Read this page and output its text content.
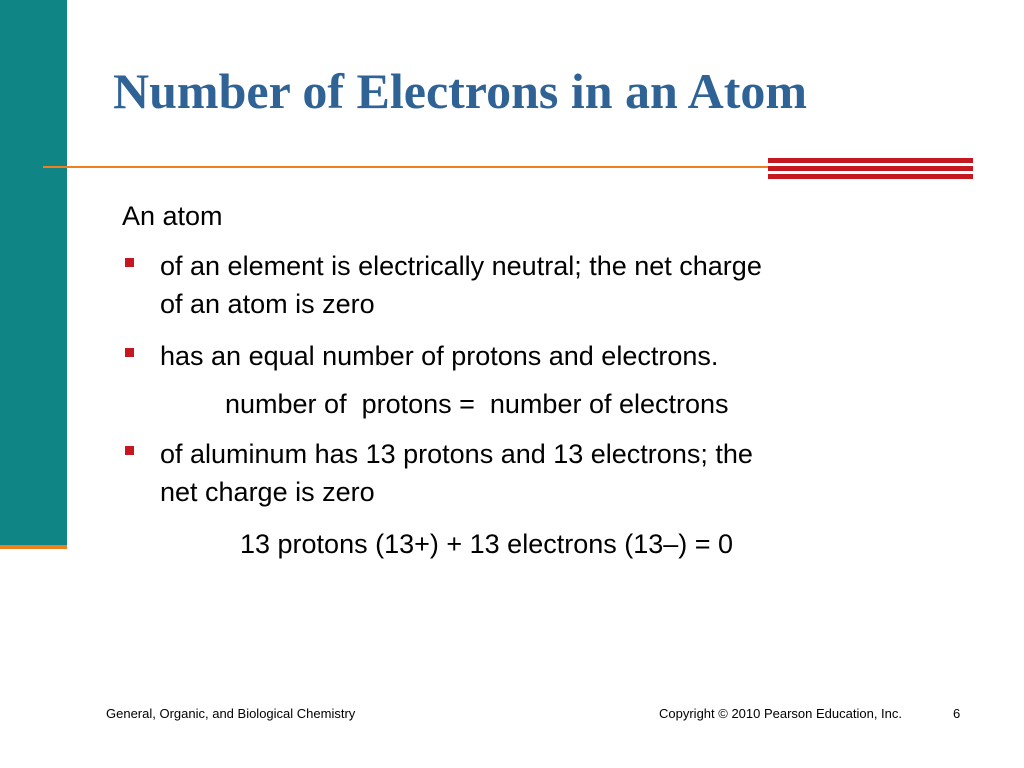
Number of Electrons in an Atom
An atom
of an element is electrically neutral; the net charge
of an atom is zero
has an equal number of protons and electrons.
number of  protons =  number of electrons
of aluminum has 13 protons and 13 electrons; the
net charge is zero
13 protons (13+) + 13 electrons (13–) = 0
General, Organic, and Biological Chemistry	Copyright © 2010 Pearson Education, Inc.	6
